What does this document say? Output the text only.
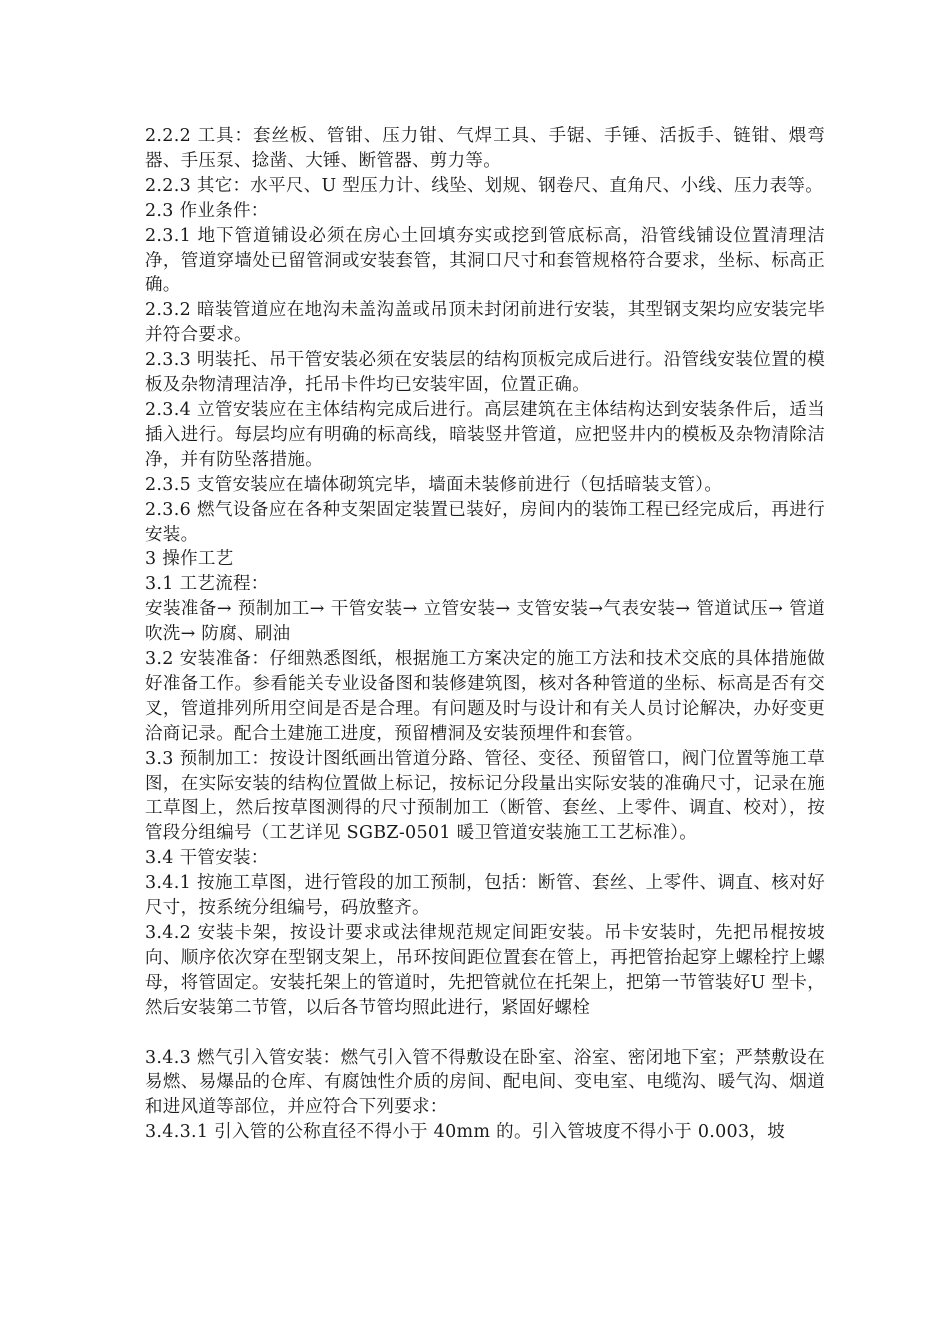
2.2.2 工具：套丝板、管钳、压力钳、气焊工具、手锯、手锤、活扳手、链钳、煨弯器、手压泵、捻凿、大锤、断管器、剪力等。

2.2.3 其它：水平尺、U 型压力计、线坠、划规、钢卷尺、直角尺、小线、压力表等。

2.3 作业条件：

2.3.1 地下管道铺设必须在房心土回填夯实或挖到管底标高，沿管线铺设位置清理洁净，管道穿墙处已留管洞或安装套管，其洞口尺寸和套管规格符合要求，坐标、标高正确。

2.3.2 暗装管道应在地沟未盖沟盖或吊顶未封闭前进行安装，其型钢支架均应安装完毕并符合要求。

2.3.3 明装托、吊干管安装必须在安装层的结构顶板完成后进行。沿管线安装位置的模板及杂物清理洁净，托吊卡件均已安装牢固，位置正确。

2.3.4 立管安装应在主体结构完成后进行。高层建筑在主体结构达到安装条件后，适当插入进行。每层均应有明确的标高线，暗装竖井管道，应把竖井内的模板及杂物清除洁净，并有防坠落措施。

2.3.5 支管安装应在墙体砌筑完毕，墙面未装修前进行（包括暗装支管）。

2.3.6 燃气设备应在各种支架固定装置已装好，房间内的装饰工程已经完成后，再进行安装。

3 操作工艺

3.1 工艺流程：

安装准备→ 预制加工→ 干管安装→ 立管安装→ 支管安装→气表安装→ 管道试压→ 管道吹洗→ 防腐、刷油

3.2 安装准备：仔细熟悉图纸，根据施工方案决定的施工方法和技术交底的具体措施做好准备工作。参看能关专业设备图和装修建筑图，核对各种管道的坐标、标高是否有交叉，管道排列所用空间是否是合理。有问题及时与设计和有关人员讨论解决，办好变更洽商记录。配合土建施工进度，预留槽洞及安装预埋件和套管。

3.3 预制加工：按设计图纸画出管道分路、管径、变径、预留管口，阀门位置等施工草图，在实际安装的结构位置做上标记，按标记分段量出实际安装的准确尺寸，记录在施工草图上，然后按草图测得的尺寸预制加工（断管、套丝、上零件、调直、校对），按管段分组编号（工艺详见 SGBZ-0501 暖卫管道安装施工工艺标准）。

3.4 干管安装：

3.4.1 按施工草图，进行管段的加工预制，包括：断管、套丝、上零件、调直、核对好尺寸，按系统分组编号，码放整齐。

3.4.2 安装卡架，按设计要求或法律规范规定间距安装。吊卡安装时，先把吊棍按坡向、顺序依次穿在型钢支架上，吊环按间距位置套在管上，再把管抬起穿上螺栓拧上螺母，将管固定。安装托架上的管道时，先把管就位在托架上，把第一节管装好U 型卡，然后安装第二节管，以后各节管均照此进行，紧固好螺栓

3.4.3 燃气引入管安装：燃气引入管不得敷设在卧室、浴室、密闭地下室；严禁敷设在易燃、易爆品的仓库、有腐蚀性介质的房间、配电间、变电室、电缆沟、暖气沟、烟道和进风道等部位，并应符合下列要求：

3.4.3.1 引入管的公称直径不得小于 40mm 的。引入管坡度不得小于 0.003，坡
